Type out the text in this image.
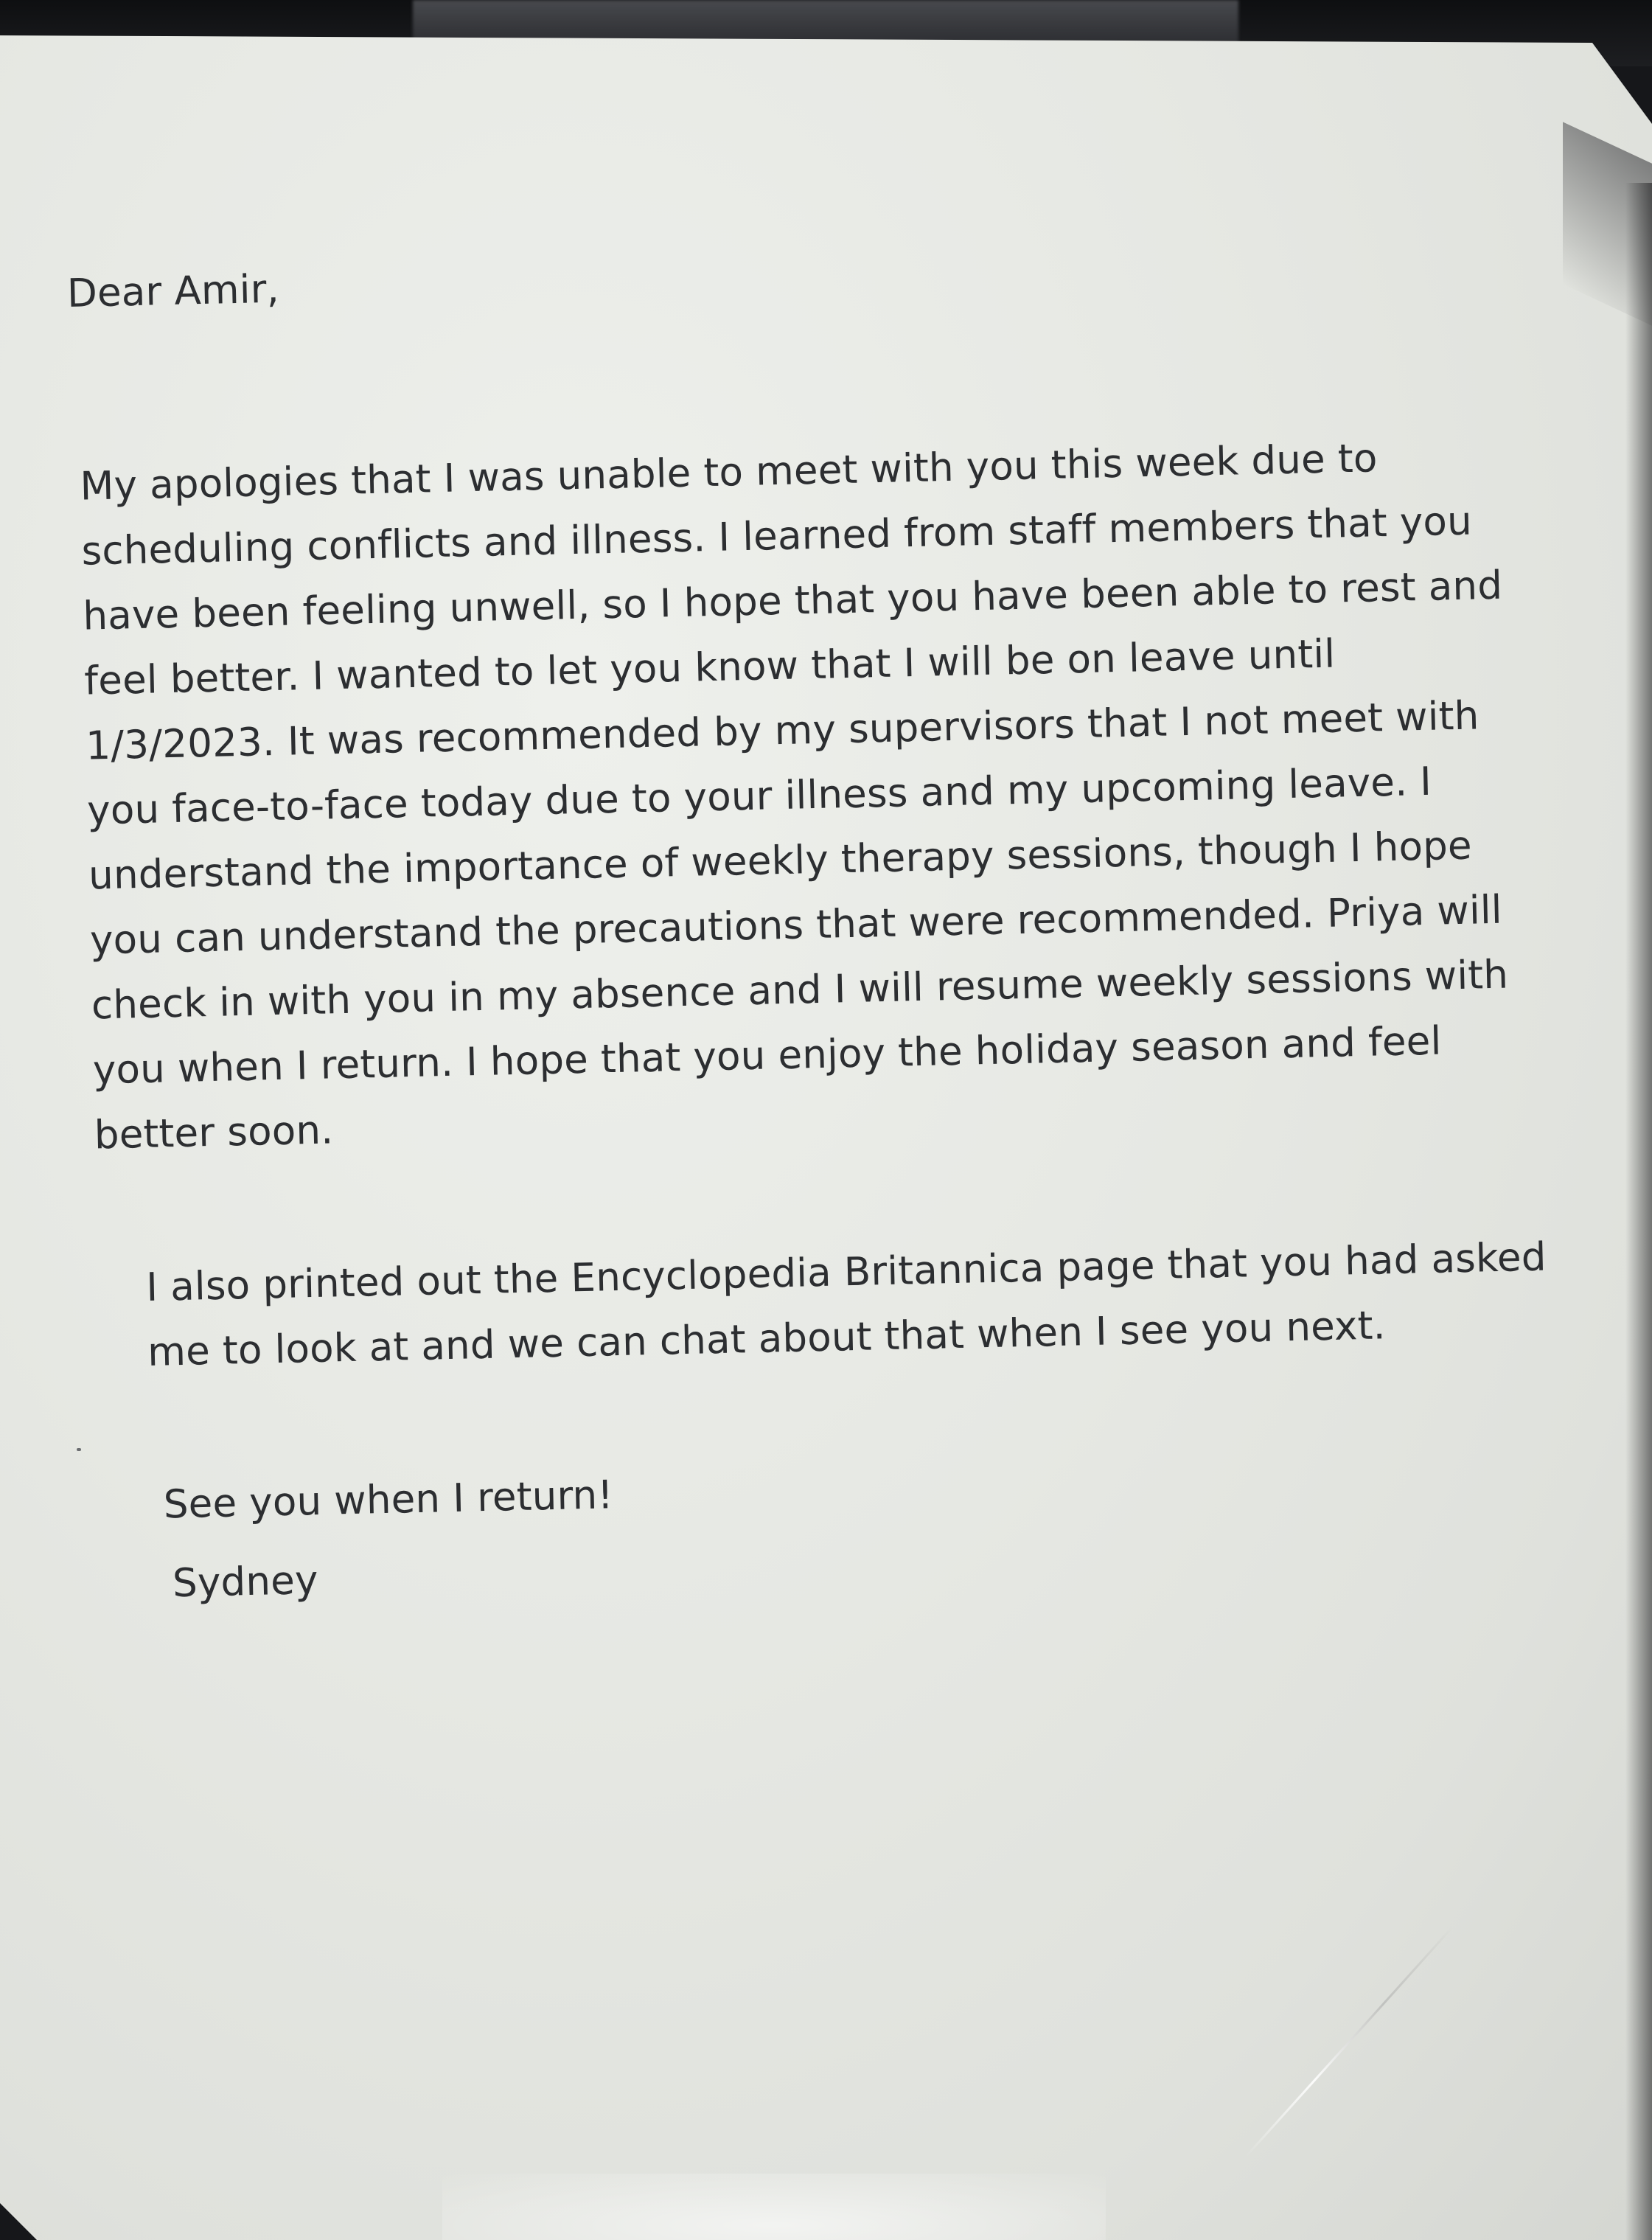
Dear Amir,
My apologies that I was unable to meet with you this week due to
scheduling conflicts and illness. I learned from staff members that you
have been feeling unwell, so I hope that you have been able to rest and
feel better. I wanted to let you know that I will be on leave until
1/3/2023. It was recommended by my supervisors that I not meet with
you face-to-face today due to your illness and my upcoming leave. I
understand the importance of weekly therapy sessions, though I hope
you can understand the precautions that were recommended. Priya will
check in with you in my absence and I will resume weekly sessions with
you when I return. I hope that you enjoy the holiday season and feel
better soon.
I also printed out the Encyclopedia Britannica page that you had asked
me to look at and we can chat about that when I see you next.
See you when I return!
Sydney
